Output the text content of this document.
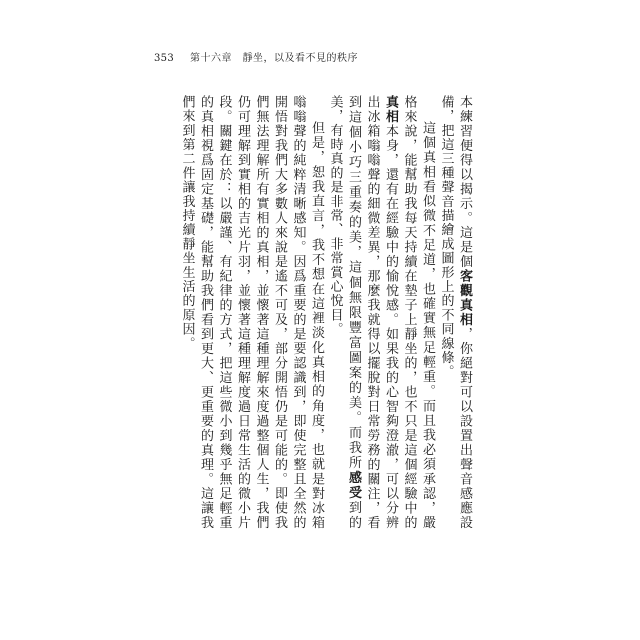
353 第十六章　靜坐，以及看不見的秩序

本練習便得以揭示。這是個客觀真相，你絕對可以設置出聲音感應設備，把這三種聲音描繪成圖形上的不同線條。

這個真相看似微不足道，也確實無足輕重。而且我必須承認，嚴格來說，能幫助我每天持續在墊子上靜坐的，也不只是這個經驗中的真相本身，還有在經驗中的愉悅感。如果我的心智夠澄澈，可以分辨出冰箱嗡嗡聲的細微差異，那麼我就得以擺脫對日常勞務的關注，看到這個小巧三重奏的美，這個無限豐富圖案的美。而我所感受到的美，有時真的是非常、非常賞心悅目。

但是，恕我直言，我不想在這裡淡化真相的角度，也就是對冰箱嗡嗡聲的純粹清晰感知。因爲重要的是要認識到，即使完整且全然的開悟對我們大多數人來說是遙不可及，部分開悟仍是可能的。即使我們無法理解所有實相的真相，並懷著這種理解來度過整個人生，我們仍可理解到實相的吉光片羽，並懷著這種理解度過日常生活的微小片段。關鍵在於：以嚴謹、有紀律的方式，把這些微小到幾乎無足輕重的真相視爲固定基礎，能幫助我們看到更大、更重要的真理。這讓我們來到第二件讓我持續靜坐生活的原因。
